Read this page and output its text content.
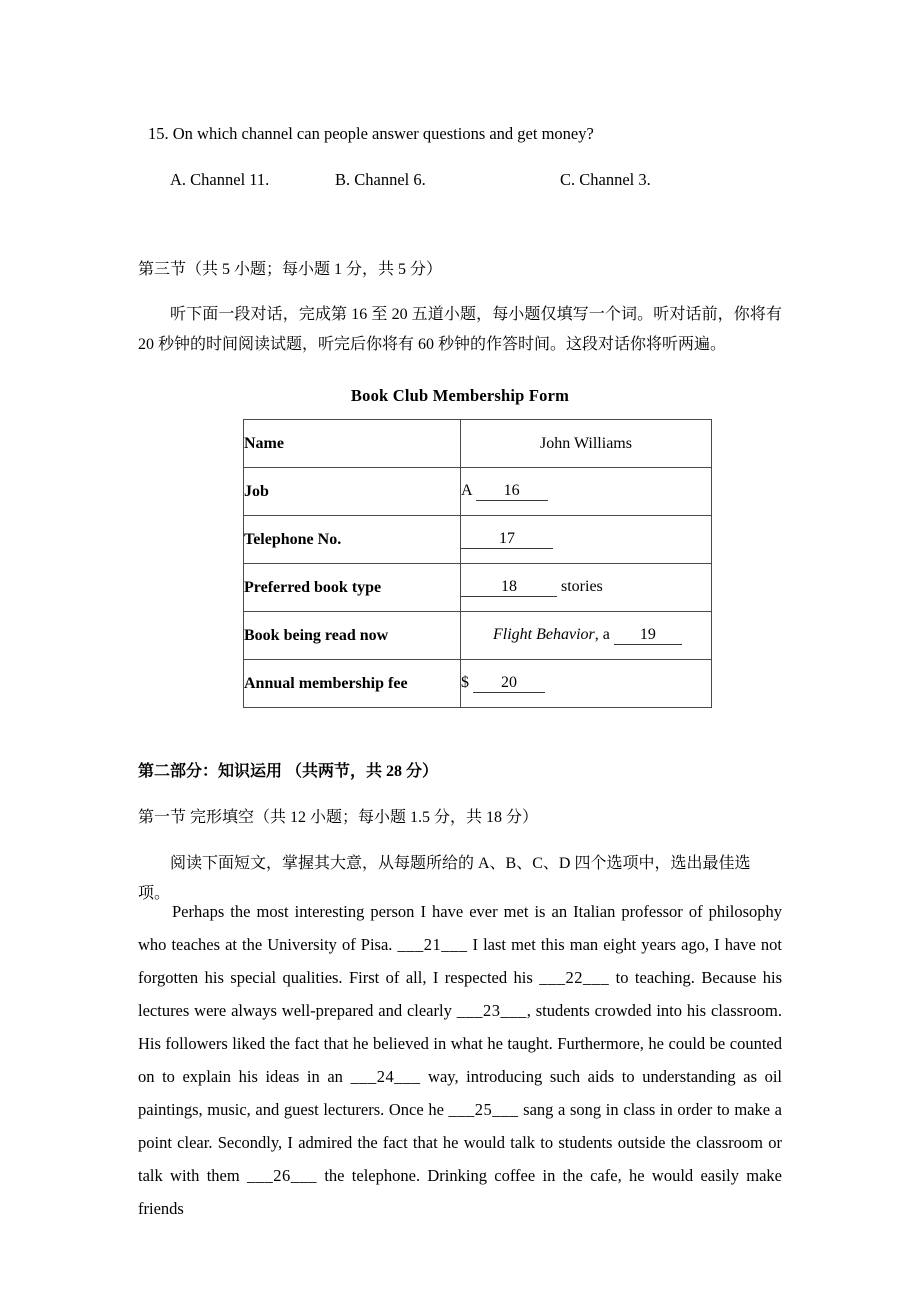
15. On which channel can people answer questions and get money?
A. Channel 11.	B. Channel 6.	C. Channel 3.
第三节（共 5 小题；每小题 1 分，共 5 分）
听下面一段对话，完成第 16 至 20 五道小题，每小题仅填写一个词。听对话前，你将有 20 秒钟的时间阅读试题，听完后你将有 60 秒钟的作答时间。这段对话你将听两遍。
Book Club Membership Form
Name	John Williams
Job	A 16
Telephone No.	17
Preferred book type	18 stories
Book being read now	Flight Behavior, a 19
Annual membership fee	$ 20
第二部分：知识运用 （共两节，共 28 分）
第一节 完形填空（共 12 小题；每小题 1.5 分，共 18 分）
阅读下面短文，掌握其大意，从每题所给的 A、B、C、D 四个选项中，选出最佳选项。
Perhaps the most interesting person I have ever met is an Italian professor of philosophy who teaches at the University of Pisa. ___21___ I last met this man eight years ago, I have not forgotten his special qualities. First of all, I respected his ___22___ to teaching. Because his lectures were always well-prepared and clearly ___23___, students crowded into his classroom. His followers liked the fact that he believed in what he taught. Furthermore, he could be counted on to explain his ideas in an ___24___ way, introducing such aids to understanding as oil paintings, music, and guest lecturers. Once he ___25___ sang a song in class in order to make a point clear. Secondly, I admired the fact that he would talk to students outside the classroom or talk with them ___26___ the telephone. Drinking coffee in the cafe, he would easily make friends
